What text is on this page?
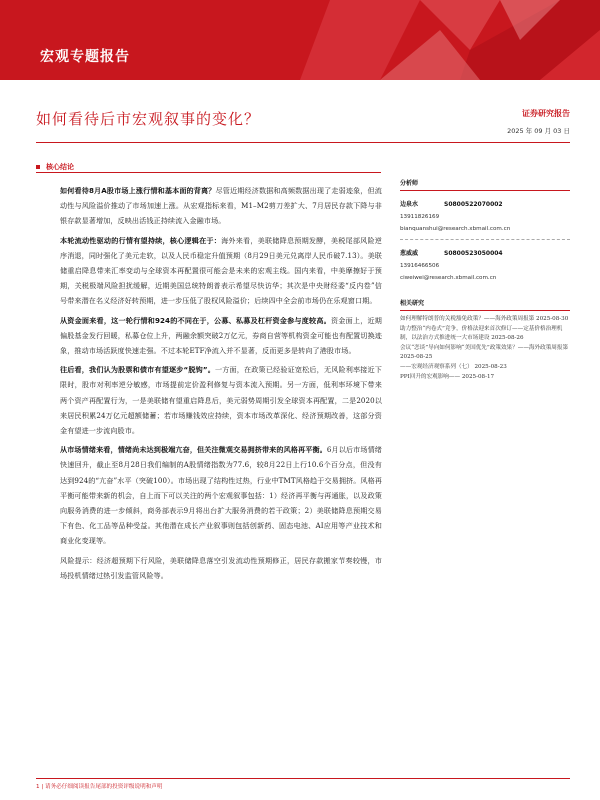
宏观专题报告
如何看待后市宏观叙事的变化？	证券研究报告
2025 年 09 月 03 日
核心结论

如何看待8月A股市场上涨行情和基本面的背离？尽管近期经济数据和高频数据出现了走弱迹象，但流动性与风险溢价推动了市场加速上涨。从宏观指标来看，M1–M2剪刀差扩大、7月居民存款下降与非银存款显著增加，反映出活钱正持续流入金融市场。

本轮流动性驱动的行情有望持续，核心逻辑在于：海外来看，美联储降息预期发酵，美税尾部风险逆序消退，同时强化了美元走软，以及人民币稳定升值预期（8月29日美元兑离岸人民币破7.13）。美联储重启降息带来汇率变动与全球资本再配置很可能会是未来的宏观主线。国内来看，中美摩擦好于预期，关税极端风险担扰缓解，近期美国总统特朗普表示希望尽快访华；其次是中央财经委“反内卷”信号带来潜在名义经济好转预期，进一步压低了股权风险溢价；后续四中全会前市场仍在乐观窗口期。

从资金面来看，这一轮行情和924的不同在于，公募、私募及杠杆资金参与度较高。资金面上，近期偏股基金发行回暖，私募仓位上升，两融余额突破2万亿元，券商自营等机构资金可能也有配置切换迹象，推动市场活跃度快速走强。不过本轮ETF净流入并不显著，反而更多是转向了港股市场。

往后看，我们认为股票和债市有望逐步“脱钩”。一方面，在政策已经验证宽松后，无风险利率接近下限时，股市对利率逆分敏感，市场提前定价盈利修复与资本流入预期。另一方面，低利率环境下带来两个资产再配置行为，一是美联储有望重启降息后，美元弱势周期引发全球资本再配置，二是2020以来居民积累24万亿元超额储蓄；若市场赚钱效应持续，资本市场改革深化、经济预期改善，这部分资金有望进一步流向股市。

从市场情绪来看，情绪尚未达到极端亢奋，但关注微观交易拥挤带来的风格再平衡。6月以后市场情绪快速回升，截止至8月28日我们编制的A股情绪指数为77.6，较8月22日上行10.6个百分点，但没有达到924的“亢奋”水平（突破100）。市场出现了结构性过热，行业中TMT风格趋于交易拥挤。风格再平衡可能带来新的机会，自上而下可以关注的两个宏观叙事包括：1）经济再平衡与再通胀，以及政策向服务消费的进一步倾斜，商务部表示9月将出台扩大服务消费的若干政策；2）美联储降息预期交易下有色、化工品等品种受益。其他潜在成长产业叙事则包括创新药、固态电池、AI应用等产业技术和商业化变现等。

风险提示：经济超预期下行风险，美联储降息落空引发流动性预期修正，居民存款搬家节奏较慢，市场投机情绪过热引发监管风险等。

分析师
边泉水	S0800522070002
13911826169
bianquanshui@research.xbmail.com.cn
葱威威	S0800523050004
13916466506
ciweiwei@research.xbmail.com.cn
相关研究
如何理解特朗普的关税豁免政策？——海外政策周报第 2025-08-30
助力整治“内卷式”竞争，价格法迎来首次修订——定基价格治理机制，以法治方式推进统一大市场建设 2025-08-26
会议“恋谈”导向如何影响“美国优先”政策效果？——海外政策周报第 2025-08-25
——宏观经济观察系列（七） 2025-08-23
PPI回升的宏观影响—— 2025-08-17
1 | 请务必仔细阅读报告尾部的投资评级说明和声明
